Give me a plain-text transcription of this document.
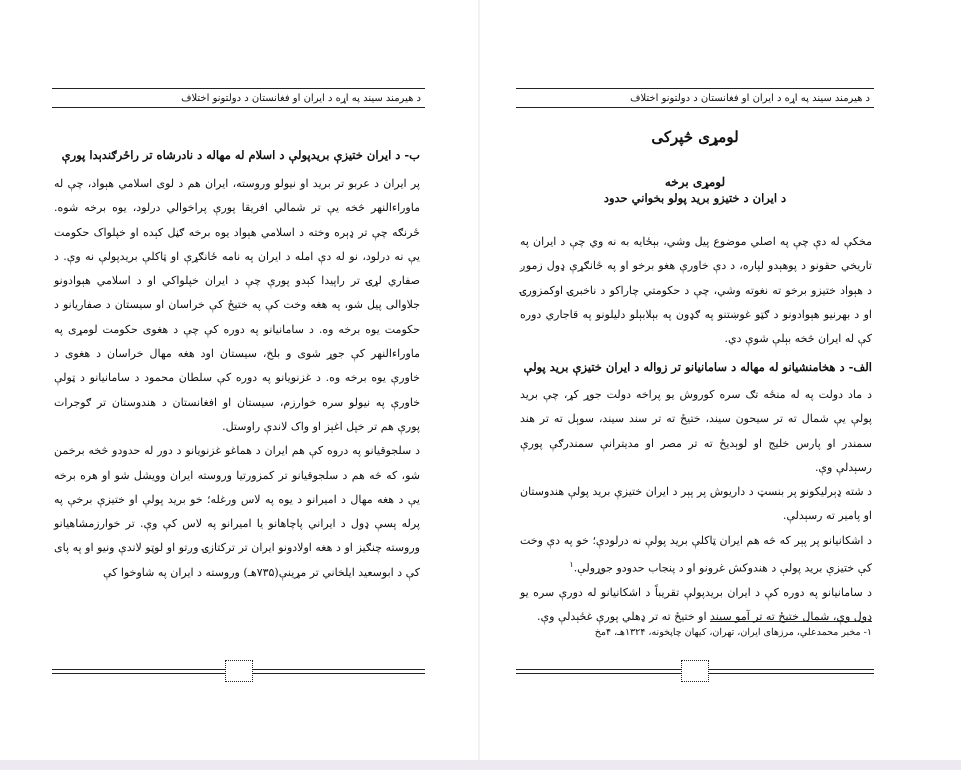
د هیرمند سیند په اړه د ایران او فغانستان د دولتونو اختلاف	د هیرمند سیند په اړه د ایران او فغانستان د دولتونو اختلاف
ب- د ایران ختیزې بریدپولې د اسلام له مهاله د نادرشاه تر راځرګندېدا پورې

پر ایران د عربو تر برید او نیولو وروسته، ایران هم د لوی اسلامي هېواد، چې له ماوراءالنهر څخه یې تر شمالي افریقا پورې پراخوالي درلود، یوه برخه شوه. ځرنګه چې تر ډېره وخته د اسلامي هېواد یوه برخه ګڼل کېده او خپلواک حکومت یې نه درلود، نو له دې امله د ایران په نامه ځانګړې او ټاکلې بریدپولې نه وې. د صفاري لړۍ تر راپیدا کېدو پورې چې د ایران خپلواکي او د اسلامي هېوادونو جلاوالی پیل شو، په هغه وخت کې په ختیځ کې خراسان او سیستان د صفاریانو د حکومت یوه برخه وه. د سامانیانو په دوره کې چې د هغوی حکومت لومړی په ماوراءالنهر کې جوړ شوی و بلخ، سیستان اود هغه مهال خراسان د هغوی د خاورې یوه برخه وه. د غزنویانو په دوره کې سلطان محمود د سامانیانو د ټولې خاورې په نیولو سره خوارزم، سیستان او افغانستان د هندوستان تر ګوجرات پورې هم تر خپل اغېز او واک لاندې راوستل.

د سلجوقیانو په دروه کې هم ایران د هماغو غزنویانو د دور له حدودو څخه برخمن شو، که څه هم د سلجوقیانو تر کمزورتیا وروسته ایران وویشل شو او هره برخه یې د هغه مهال د امیرانو د یوه په لاس ورغله؛ خو برید پولې او ختیزې برخې په پرله پسې ډول د ایراني پاچاهانو یا امیرانو په لاس کې وې. تر خوارزمشاهیانو وروسته چنګیز او د هغه اولادونو ایران تر ترکتازۍ وږتو او لوټو لاندې ونیو او په پای کې د ابوسعید ایلخاني تر مړینې(۷۳۵هـ) وروسته د ایران په شاوخوا کې

لومړی څپرکی
لومړی برخه
د ایران د ختیزو برید پولو بخواني حدود

مخکې له دې چې په اصلي موضوع پیل وشي، بېځایه به نه وي چې د ایران په تاریخي حقونو د پوهېدو لپاره، د دې خاورې هغو برخو او په ځانګړې ډول زموږ د هېواد ختیزو برخو ته نغوته وشي، چې د حکومتي چاراکو د ناخبرۍ اوکمزورۍ او د بهرنیو هېوادونو د ګټو غوښتنو په ګډون په بېلابېلو دلیلونو په قاجاري دوره کې له ایران څخه بېلې شوې دي.

الف- د هخامنشیانو له مهاله د سامانیانو تر زواله د ایران ختیزې برید پولې

د ماد دولت په له منځه تګ سره کوروش یو پراخه دولت جوړ کړ، چې برید پولې یې شمال ته تر سیحون سیند، ختیځ ته تر سند سیند، سوېل ته تر هند سمندر او پارس خلیج او لوېدیځ ته تر مصر او مدیترانې سمندرګې پورې رسېدلې وې.

د شته ډېرلیکونو پر بنسټ د داریوش پر پېر د ایران ختیزې برید پولې هندوستان او پامیر ته رسېدلې.

د اشکانیانو پر پېر که څه هم ایران ټاکلې برید پولې نه درلودې؛ خو په دې وخت کې ختیزې برید پولې د هندوکش غرونو او د پنجاب حدودو جوړولې.$^۱$

د سامانیانو په دوره کې د ایران بریدپولې تقریباً د اشکانیانو له دورې سره یو ډول وې، شمال ختیځ ته تر آمو سیند او ختیځ ته تر ډهلي پورې غځېدلې وې.

۱- مخبر محمدعلي، مرزهای ایران، تهران، کیهان چاپخونه، ۱۳۲۴هـ، ۴مخ
